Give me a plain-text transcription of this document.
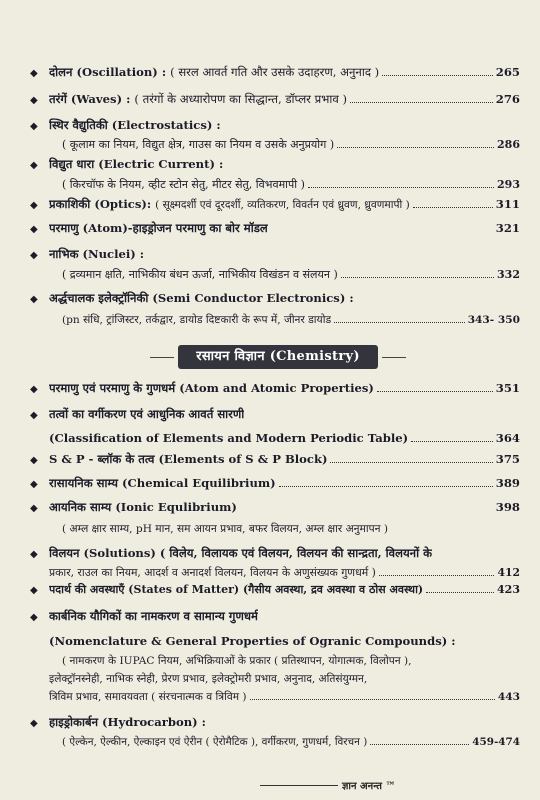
◆ दोलन (Oscillation) : ( सरल आवर्त गति और उसके उदाहरण, अनुनाद )	265
◆ तरंगें (Waves) : ( तरंगों के अध्यारोपण का सिद्धान्त, डॉप्लर प्रभाव )	276
◆ स्थिर वैद्युतिकी (Electrostatics) :
( कूलाम का नियम, विद्युत क्षेत्र, गाउस का नियम व उसके अनुप्रयोग )	286
◆ विद्युत धारा (Electric Current) :
( किरचॉफ के नियम, व्हीट स्टोन सेतु, मीटर सेतु, विभवमापी )	293
◆ प्रकाशिकी (Optics): ( सूक्ष्मदर्शी एवं दूरदर्शी, व्यतिकरण, विवर्तन एवं ध्रुवण, ध्रुवणमापी )	311
◆ परमाणु (Atom)-हाइड्रोजन परमाणु का बोर मॉडल	321
◆ नाभिक (Nuclei) :
( द्रव्यमान क्षति, नाभिकीय बंधन ऊर्जा, नाभिकीय विखंडन व संलयन )	332
◆ अर्द्धचालक इलेक्ट्रॉनिकी (Semi Conductor Electronics) :
(pn संधि, ट्रांजिस्टर, तर्कद्वार, डायोड दिष्टकारी के रूप में, जीनर डायोड	343- 350
रसायन विज्ञान (Chemistry)
◆ परमाणु एवं परमाणु के गुणधर्म (Atom and Atomic Properties)	351
◆ तत्वों का वर्गीकरण एवं आधुनिक आवर्त सारणी
(Classification of Elements and Modern Periodic Table)	364
◆ S & P - ब्लॉक के तत्व (Elements of S & P Block)	375
◆ रासायनिक साम्य (Chemical Equilibrium)	389
◆ आयनिक साम्य (Ionic Equlibrium)	398
( अम्ल क्षार साम्य, pH मान, सम आयन प्रभाव, बफर विलयन, अम्ल क्षार अनुमापन )
◆ विलयन (Solutions) ( विलेय, विलायक एवं विलयन, विलयन की सान्द्रता, विलयनों के
प्रकार, राउल का नियम, आदर्श व अनादर्श विलयन, विलयन के अणुसंख्यक गुणधर्म )	412
◆	पदार्थ की अवस्थाएँ (States of Matter) (गैसीय अवस्था, द्रव अवस्था व ठोस अवस्था)	423
◆ कार्बनिक यौगिकों का नामकरण व सामान्य गुणधर्म
(Nomenclature & General Properties of Ogranic Compounds) :
( नामकरण के IUPAC नियम, अभिक्रियाओं के प्रकार ( प्रतिस्थापन, योगात्मक, विलोपन ),
इलेक्ट्रॉनस्नेही, नाभिक स्नेही, प्रेरण प्रभाव, इलेक्ट्रोमरी प्रभाव, अनुनाद, अतिसंयुग्मन,
त्रिविम प्रभाव, समावयवता ( संरचनात्मक व त्रिविम )	443
◆ हाइड्रोकार्बन (Hydrocarbon) :
( ऐल्केन, ऐल्कीन, ऐल्काइन एवं ऐरीन ( ऐरोमैटिक ), वर्गीकरण, गुणधर्म, विरचन )	459-474
ज्ञान अनन्त ™
